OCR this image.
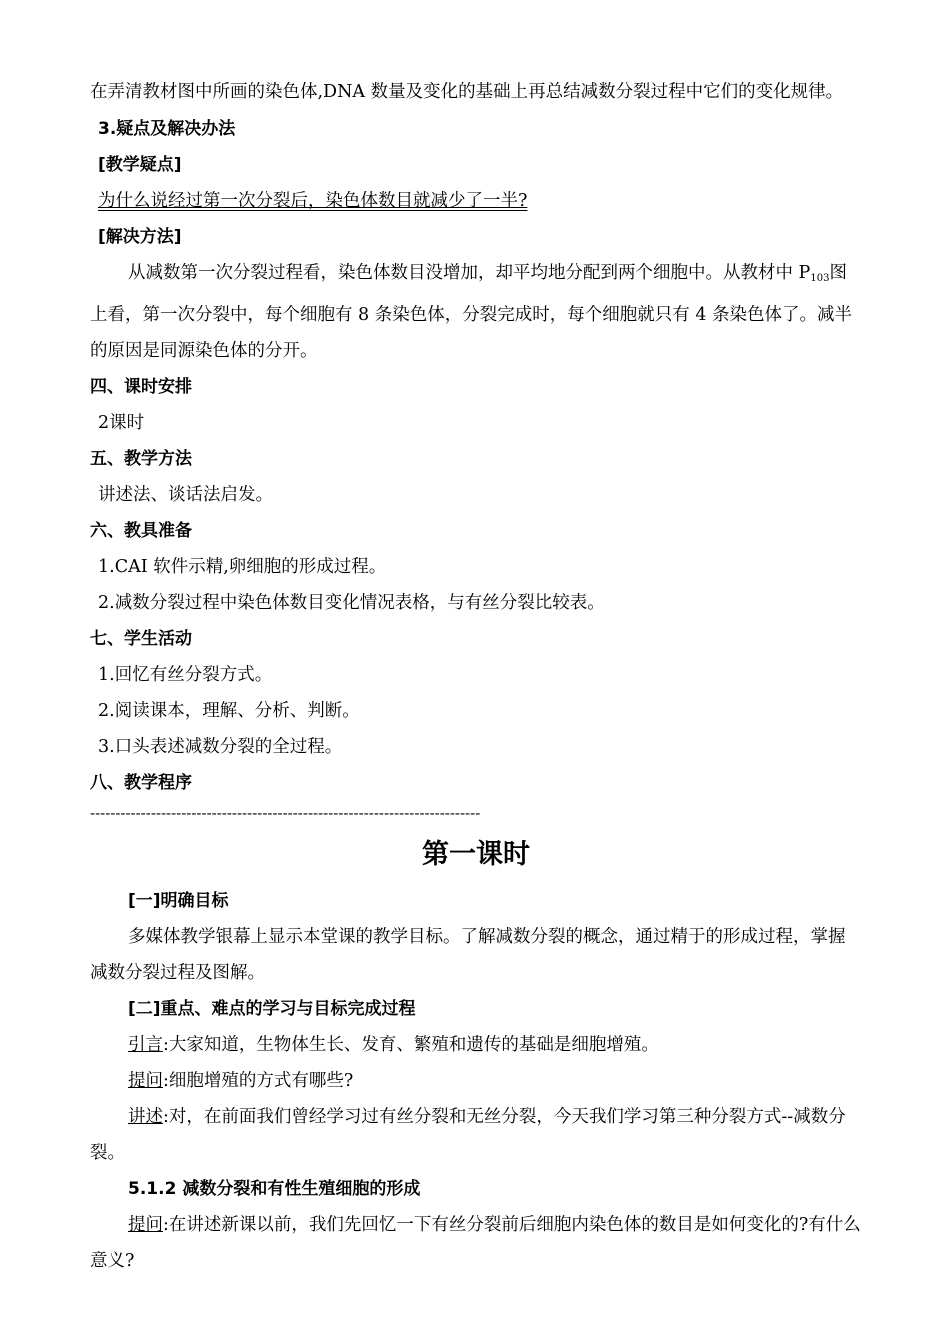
在弄清教材图中所画的染色体,DNA 数量及变化的基础上再总结减数分裂过程中它们的变化规律。

3.疑点及解决办法

[教学疑点]

为什么说经过第一次分裂后，染色体数目就减少了一半?

[解决方法]

从减数第一次分裂过程看，染色体数目没增加，却平均地分配到两个细胞中。从教材中 $P_{103}$图上看，第一次分裂中，每个细胞有 8 条染色体，分裂完成时，每个细胞就只有 4 条染色体了。减半的原因是同源染色体的分开。

四、课时安排

2课时

五、教学方法

讲述法、谈话法启发。

六、教具准备

1.CAI 软件示精,卵细胞的形成过程。

2.减数分裂过程中染色体数目变化情况表格，与有丝分裂比较表。

七、学生活动

1.回忆有丝分裂方式。

2.阅读课本，理解、分析、判断。

3.口头表述减数分裂的全过程。

八、教学程序

-----------------------------------------------------------------------------

第一课时

[一]明确目标

多媒体教学银幕上显示本堂课的教学目标。了解减数分裂的概念，通过精于的形成过程，掌握减数分裂过程及图解。

[二]重点、难点的学习与目标完成过程

引言:大家知道，生物体生长、发育、繁殖和遗传的基础是细胞增殖。

提问:细胞增殖的方式有哪些?

讲述:对，在前面我们曾经学习过有丝分裂和无丝分裂，今天我们学习第三种分裂方式--减数分裂。

5.1.2 减数分裂和有性生殖细胞的形成

提问:在讲述新课以前，我们先回忆一下有丝分裂前后细胞内染色体的数目是如何变化的?有什么意义?
